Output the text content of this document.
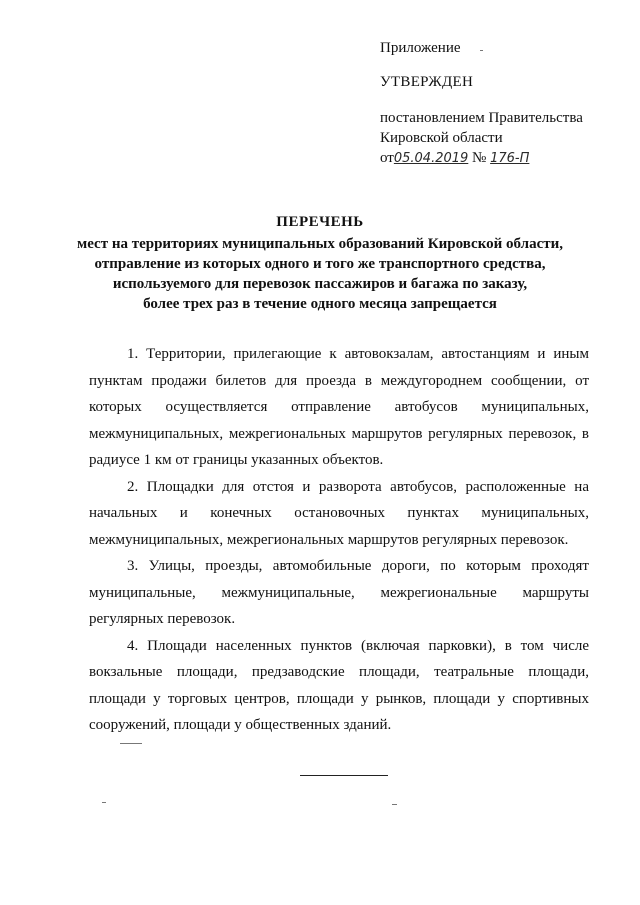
Приложение
УТВЕРЖДЕН
постановлением Правительства
Кировской области
от05.04.2019 № 176-П
ПЕРЕЧЕНЬ
мест на территориях муниципальных образований Кировской области,
отправление из которых одного и того же транспортного средства,
используемого для перевозок пассажиров и багажа по заказу,
более трех раз в течение одного месяца запрещается

1. Территории, прилегающие к автовокзалам, автостанциям и иным пунктам продажи билетов для проезда в междугороднем сообщении, от которых осуществляется отправление автобусов муниципальных, межмуниципальных, межрегиональных маршрутов регулярных перевозок, в радиусе 1 км от границы указанных объектов.

2. Площадки для отстоя и разворота автобусов, расположенные на начальных и конечных остановочных пунктах муниципальных, межмуниципальных, межрегиональных маршрутов регулярных перевозок.

3. Улицы, проезды, автомобильные дороги, по которым проходят муниципальные, межмуниципальные, межрегиональные маршруты регулярных перевозок.

4. Площади населенных пунктов (включая парковки), в том числе вокзальные площади, предзаводские площади, театральные площади, площади у торговых центров, площади у рынков, площади у спортивных сооружений, площади у общественных зданий.
